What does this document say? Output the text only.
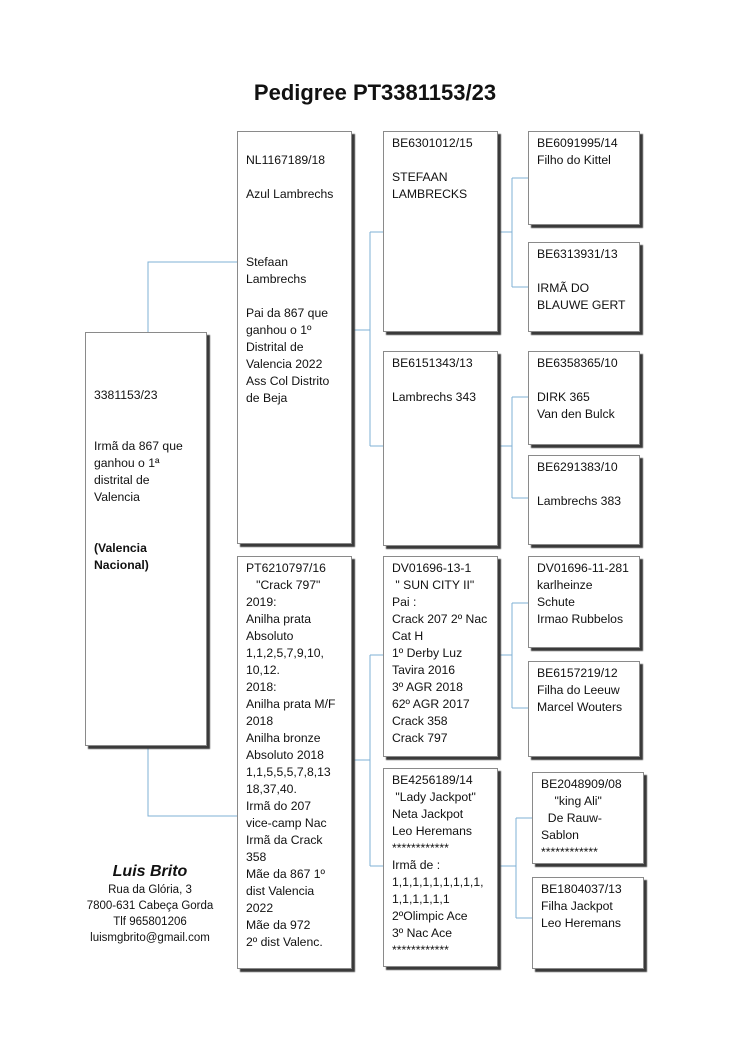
Pedigree PT3381153/23

3381153/23
Irmã da 867 que
ganhou o 1ª
distrital de
Valencia

(Valencia
Nacional)

NL1167189/18
Azul Lambrechs
Stefaan
Lambrechs
Pai da 867 que
ganhou o 1º
Distrital de
Valencia 2022
Ass Col Distrito
de Beja
PT6210797/16
"Crack 797"
2019:
Anilha prata
Absoluto
1,1,2,5,7,9,10,
10,12.
2018:
Anilha prata M/F
2018
Anilha bronze
Absoluto 2018
1,1,5,5,5,7,8,13
18,37,40.
Irmã do 207
vice-camp Nac
Irmã da Crack
358
Mãe da 867 1º
dist Valencia
2022
Mãe da 972
2º dist Valenc.
BE6301012/15
STEFAAN
LAMBRECKS
BE6151343/13
Lambrechs 343
DV01696-13-1
" SUN CITY II"
Pai :
Crack 207 2º Nac
Cat H
1º Derby Luz
Tavira 2016
3º AGR 2018
62º AGR 2017
Crack 358
Crack 797
BE4256189/14
"Lady Jackpot"
Neta Jackpot
Leo Heremans
************
Irmã de :
1,1,1,1,1,1,1,1,1,
1,1,1,1,1,1
2ºOlimpic Ace
3º Nac Ace
************
BE6091995/14
Filho do Kittel
BE6313931/13
IRMÃ DO
BLAUWE GERT
BE6358365/10
DIRK 365
Van den Bulck
BE6291383/10
Lambrechs 383
DV01696-11-281
karlheinze
Schute
Irmao Rubbelos
BE6157219/12
Filha do Leeuw
Marcel Wouters
BE2048909/08
"king Ali"
De Rauw-Sablon
************
BE1804037/13
Filha Jackpot
Leo Heremans
Luis Brito
Rua da Glória, 3
7800-631 Cabeça Gorda
Tlf 965801206
luismgbrito@gmail.com
